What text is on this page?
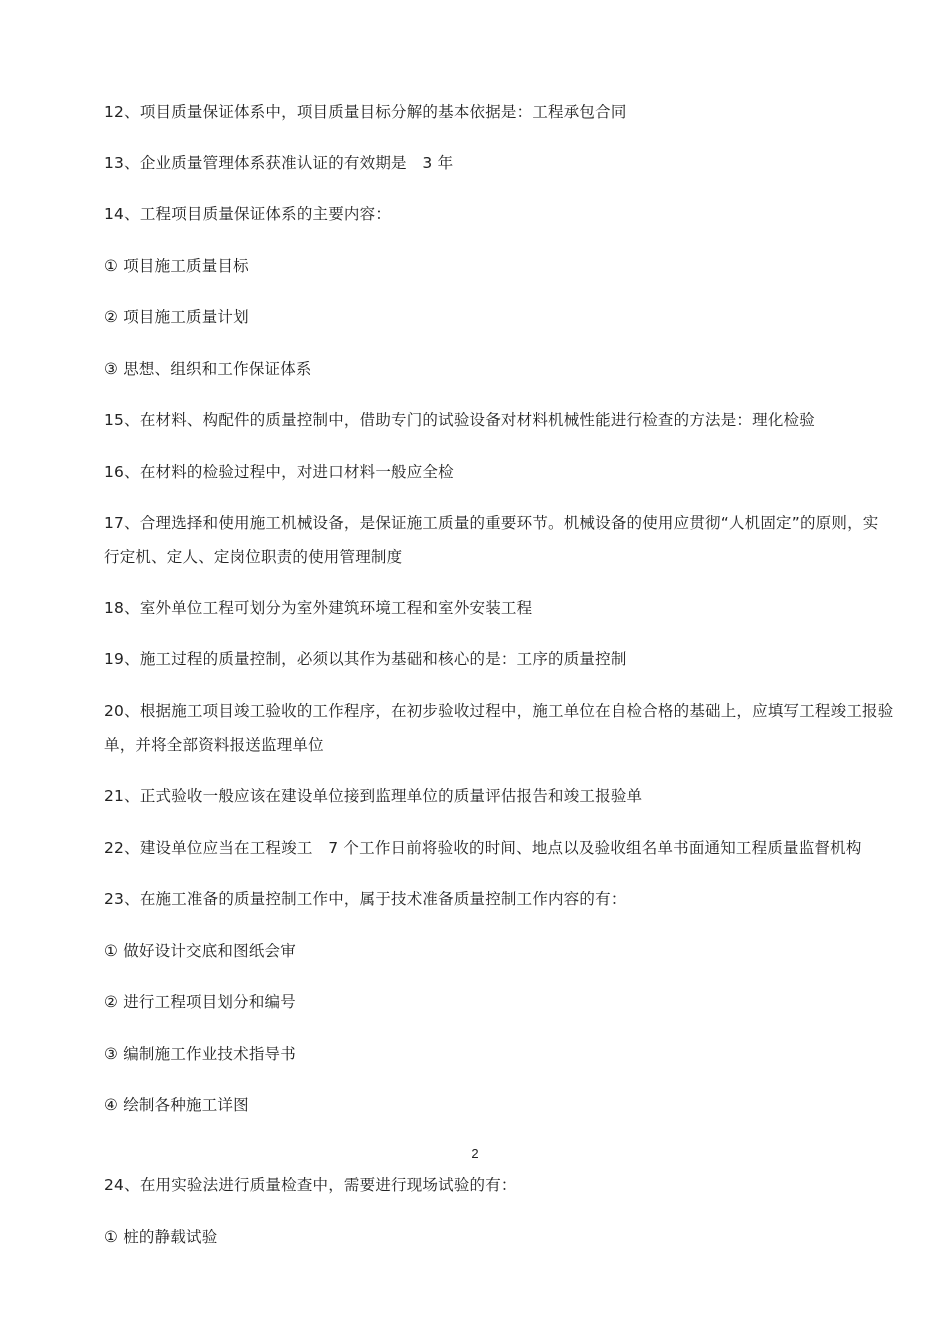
12、项目质量保证体系中，项目质量目标分解的基本依据是：工程承包合同
13、企业质量管理体系获准认证的有效期是　3 年
14、工程项目质量保证体系的主要内容：
① 项目施工质量目标
② 项目施工质量计划
③ 思想、组织和工作保证体系
15、在材料、构配件的质量控制中，借助专门的试验设备对材料机械性能进行检查的方法是：理化检验
16、在材料的检验过程中，对进口材料一般应全检
17、合理选择和使用施工机械设备，是保证施工质量的重要环节。机械设备的使用应贯彻“人机固定”的原则，实行定机、定人、定岗位职责的使用管理制度
18、室外单位工程可划分为室外建筑环境工程和室外安装工程
19、施工过程的质量控制，必须以其作为基础和核心的是：工序的质量控制
20、根据施工项目竣工验收的工作程序，在初步验收过程中，施工单位在自检合格的基础上，应填写工程竣工报验单，并将全部资料报送监理单位
21、正式验收一般应该在建设单位接到监理单位的质量评估报告和竣工报验单
22、建设单位应当在工程竣工　7 个工作日前将验收的时间、地点以及验收组名单书面通知工程质量监督机构
23、在施工准备的质量控制工作中，属于技术准备质量控制工作内容的有：
① 做好设计交底和图纸会审
② 进行工程项目划分和编号
③ 编制施工作业技术指导书
④ 绘制各种施工详图
2
24、在用实验法进行质量检查中，需要进行现场试验的有：
① 桩的静载试验
